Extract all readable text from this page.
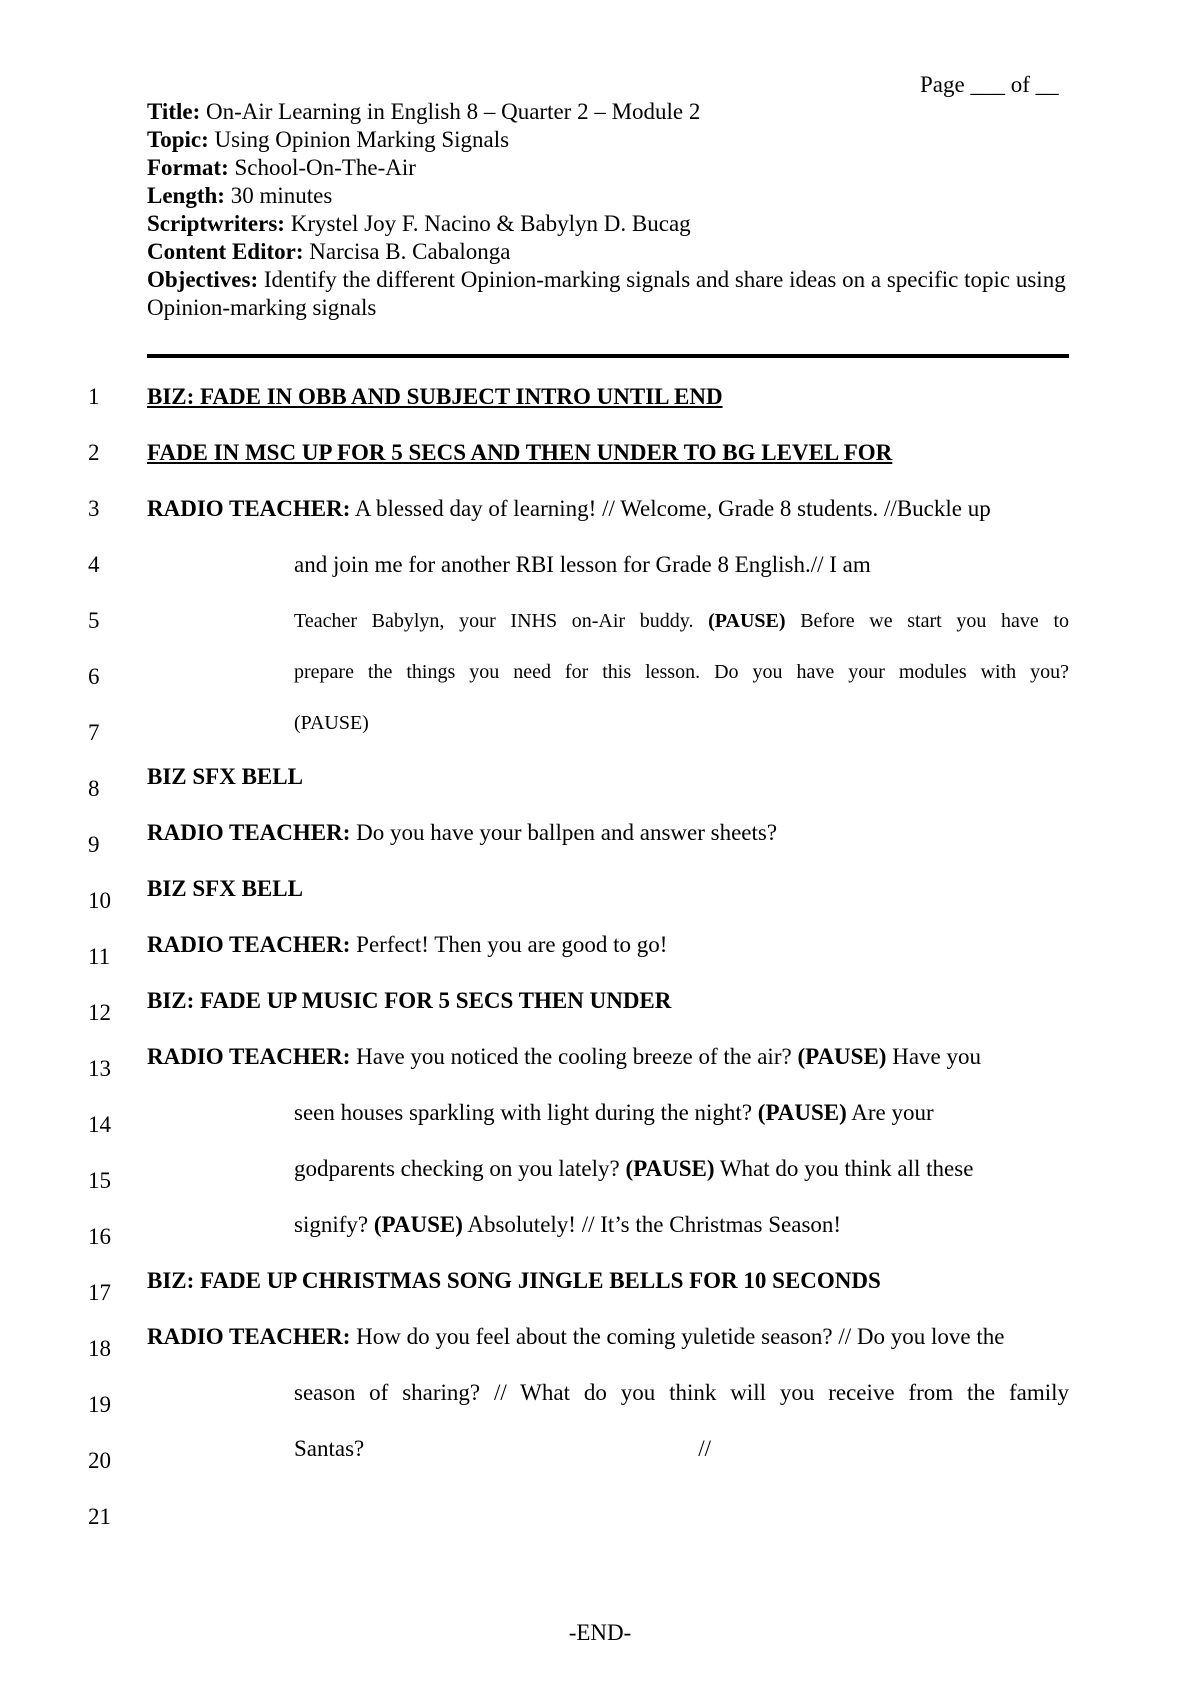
Page ___ of __

Title: On-Air Learning in English 8 – Quarter 2 – Module 2

Topic: Using Opinion Marking Signals

Format: School-On-The-Air

Length: 30 minutes

Scriptwriters: Krystel Joy F. Nacino & Babylyn D. Bucag

Content Editor: Narcisa B. Cabalonga

Objectives: Identify the different Opinion-marking signals and share ideas on a specific topic using Opinion-marking signals

1
2
3
4
5
6
7
8
9
10
11
12
13
14
15
16
17
18
19
20
21
BIZ: FADE IN OBB AND SUBJECT INTRO UNTIL END
FADE IN MSC UP FOR 5 SECS AND THEN UNDER TO BG LEVEL FOR
RADIO TEACHER: A blessed day of learning! // Welcome, Grade 8 students. //Buckle up
and join me for another RBI lesson for Grade 8 English.// I am
Teacher Babylyn, your INHS on-Air buddy. (PAUSE) Before we start you have to
prepare the things you need for this lesson. Do you have your modules with you?
(PAUSE)
BIZ SFX BELL
RADIO TEACHER: Do you have your ballpen and answer sheets?
BIZ SFX BELL
RADIO TEACHER: Perfect! Then you are good to go!
BIZ: FADE UP MUSIC FOR 5 SECS THEN UNDER
RADIO TEACHER: Have you noticed the cooling breeze of the air? (PAUSE) Have you
seen houses sparkling with light during the night? (PAUSE) Are your
godparents checking on you lately? (PAUSE) What do you think all these
signify? (PAUSE) Absolutely! // It’s the Christmas Season!
BIZ: FADE UP CHRISTMAS SONG JINGLE BELLS FOR 10 SECONDS
RADIO TEACHER: How do you feel about the coming yuletide season? // Do you love the
season of sharing? // What do you think will you receive from the family
Santas?	//
-END-
